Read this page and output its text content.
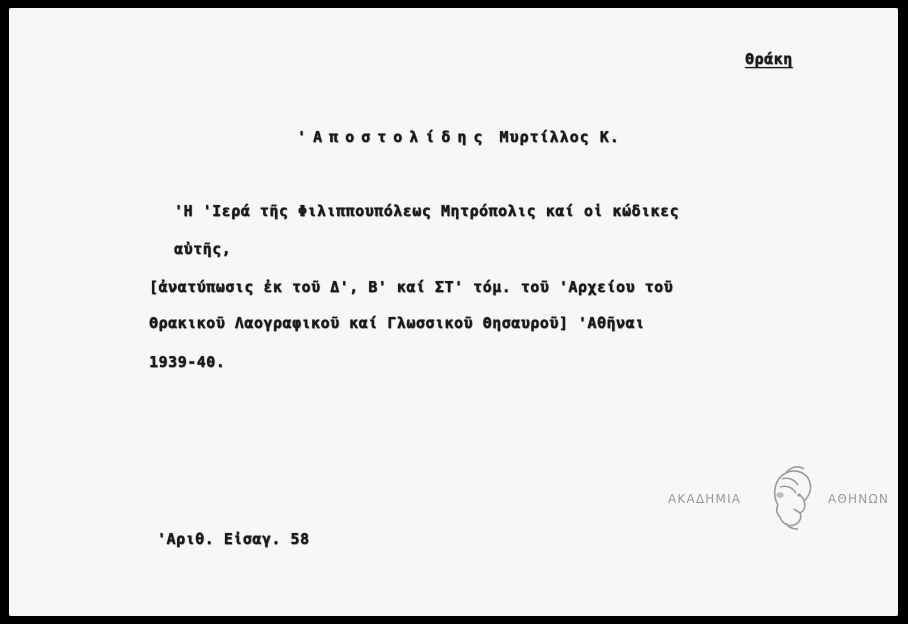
Θράκη
'Αποστολίδης Μυρτίλλος Κ.
'Η 'Ιερά τῆς Φιλιππουπόλεως Μητρόπολις καί οἱ κώδικες
αὐτῆς,
[ἀνατύπωσις ἐκ τοῦ Δ', Β' καί ΣΤ' τόμ. τοῦ 'Αρχείου τοῦ
Θρακικοῦ Λαογραφικοῦ καί Γλωσσικοῦ Θησαυροῦ] 'Αθῆναι
1939-40.
'Αριθ. Εἰσαγ. 58
ΑΚΑΔΗΜΙΑ	ΑΘΗΝΩΝ
